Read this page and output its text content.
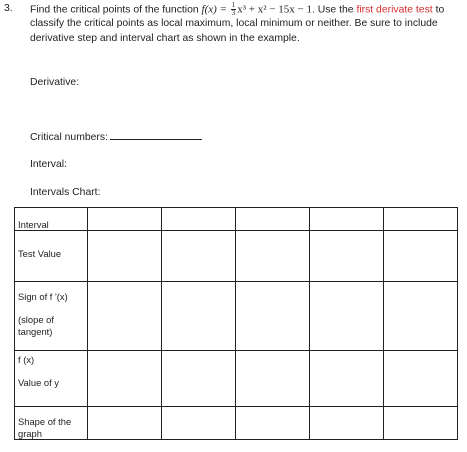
3. Find the critical points of the function $f(x) = \frac{1}{3} x^3 + x^2 - 15x - 1$. Use the first derivate test to classify the critical points as local maximum, local minimum or neither. Be sure to include derivative step and interval chart as shown in the example.
Derivative:
Critical numbers:
Interval:
Intervals Chart:
Interval
Test Value
Sign of f '(x)
(slope of tangent)
f (x)
Value of y
Shape of the graph
